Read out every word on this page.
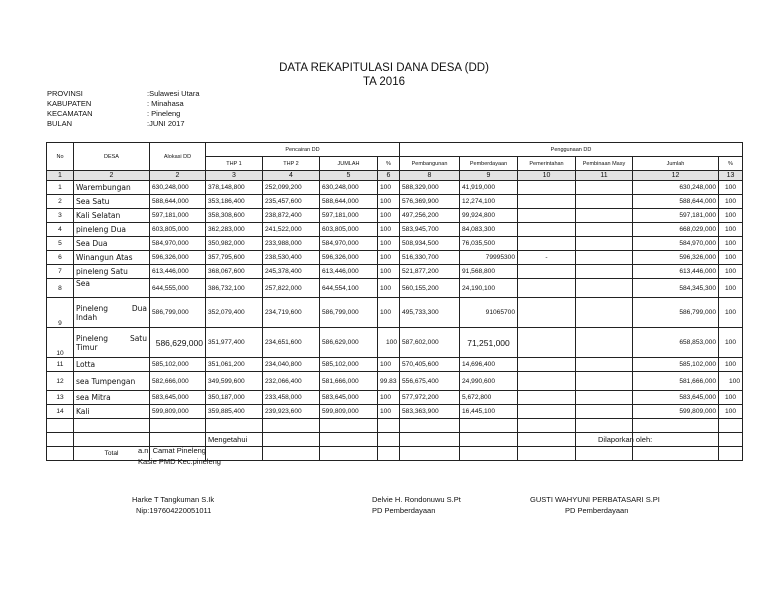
DATA REKAPITULASI DANA DESA (DD)
TA 2016
PROVINSI	:Sulawesi Utara
KABUPATEN	: Minahasa
KECAMATAN	: Pineleng
BULAN	:JUNI 2017
No	DESA	Alokasi DD	Pencairan DD				Penggunaan DD					
			THP 1	THP 2	JUMLAH	%	Pembangunan	Pemberdayaan	Pemerintahan	Pembinaan Masy	Jumlah	%
1	2	2	3	4	5	6	8	9	10	11	12	13
1	Warembungan	630,248,000	378,148,800	252,099,200	630,248,000	100	588,329,000	41,919,000			630,248,000	100
2	Sea Satu	588,644,000	353,186,400	235,457,600	588,644,000	100	576,369,900	12,274,100			588,644,000	100
3	Kali Selatan	597,181,000	358,308,600	238,872,400	597,181,000	100	497,256,200	99,924,800			597,181,000	100
4	pineleng Dua	603,805,000	362,283,000	241,522,000	603,805,000	100	583,945,700	84,083,300			668,029,000	100
5	Sea Dua	584,970,000	350,982,000	233,988,000	584,970,000	100	508,934,500	76,035,500			584,970,000	100
6	Winangun Atas	596,326,000	357,795,600	238,530,400	596,326,000	100	516,330,700	79995300	-		596,326,000	100
7	pineleng Satu	613,446,000	368,067,600	245,378,400	613,446,000	100	521,877,200	91,568,800			613,446,000	100
8	Sea	644,555,000	386,732,100	257,822,000	644,554,100	100	560,155,200	24,190,100			584,345,300	100
9	Pineleng Dua
Indah	586,799,000	352,079,400	234,719,600	586,799,000	100	495,733,300	91065700			586,799,000	100
10	Pineleng Satu
Timur	586,629,000	351,977,400	234,651,600	586,629,000	100	587,602,000	71,251,000			658,853,000	100
11	Lotta	585,102,000	351,061,200	234,040,800	585,102,000	100	570,405,600	14,696,400			585,102,000	100
12	sea Tumpengan	582,666,000	349,599,600	232,066,400	581,666,000	99.83	556,675,400	24,990,600			581,666,000	100
13	sea Mitra	583,645,000	350,187,000	233,458,000	583,645,000	100	577,972,200	5,672,800			583,645,000	100
14	Kali	599,809,000	359,885,400	239,923,600	599,809,000	100	583,363,900	16,445,100			599,809,000	100

	Total											
Mengetahui	Dilaporkan oleh:
a.n. Camat Pineleng
Kasie PMD Kec.pineleng
Harke T Tangkuman S.Ik
Nip:197604220051011
Delvie H. Rondonuwu S.Pt
PD Pemberdayaan
GUSTI WAHYUNI PERBATASARI S.PI
PD Pemberdayaan
